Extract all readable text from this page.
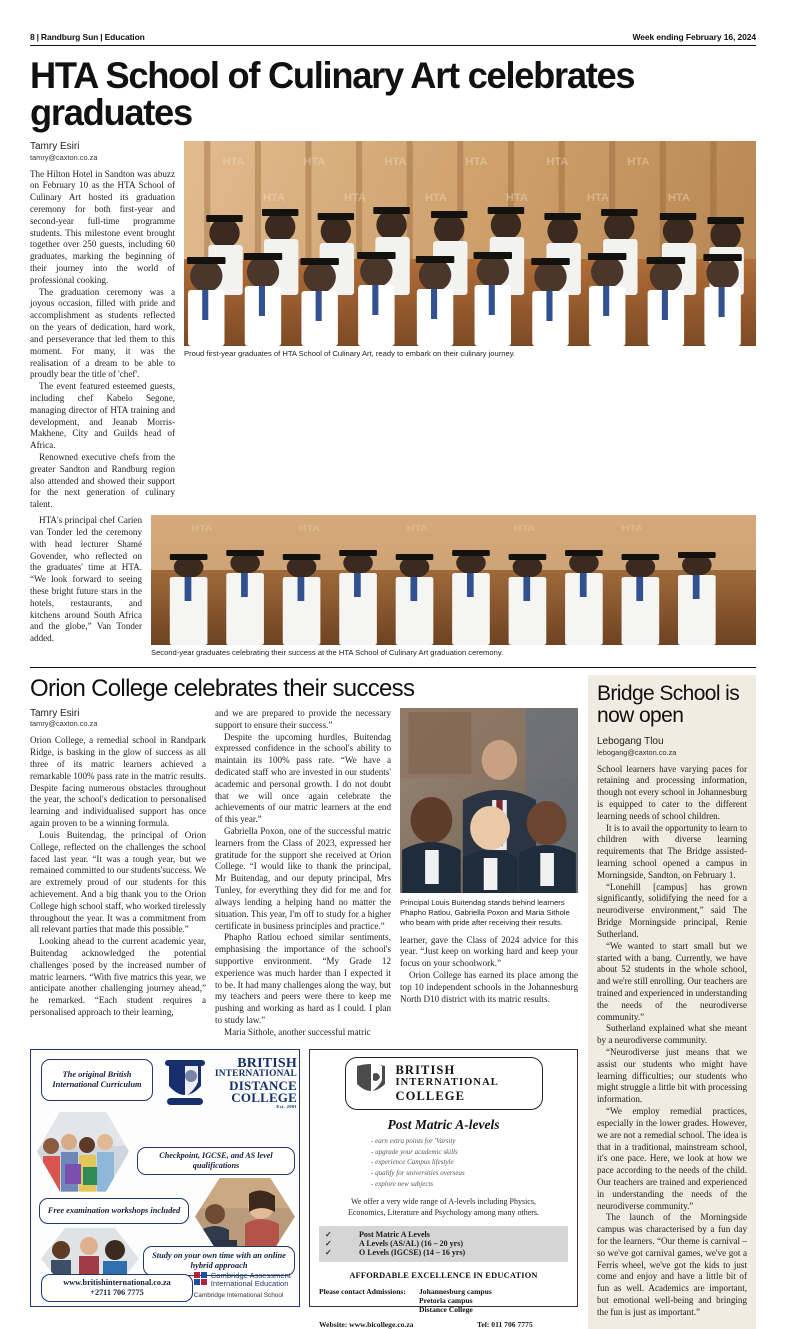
8 | Randburg Sun | Education	Week ending February 16, 2024
HTA School of Culinary Art celebrates graduates
Tamry Esiri
tamry@caxton.co.za

The Hilton Hotel in Sandton was abuzz on February 10 as the HTA School of Culinary Art hosted its graduation ceremony for both first-year and second-year full-time programme students. This milestone event brought together over 250 guests, including 60 graduates, marking the beginning of their journey into the world of professional cooking.

The graduation ceremony was a joyous occasion, filled with pride and accomplishment as students reflected on the years of dedication, hard work, and perseverance that led them to this moment. For many, it was the realisation of a dream to be able to proudly bear the title of 'chef'.

The event featured esteemed guests, including chef Kabelo Segone, managing director of HTA training and development, and Jeanab Morris-Makhene, City and Guilds head of Africa.

Renowned executive chefs from the greater Sandton and Randburg region also attended and showed their support for the next generation of culinary talent.

HTA	HTA	HTA	HTA	HTA	HTA
HTA	HTA	HTA	HTA	HTA	HTA
Proud first-year graduates of HTA School of Culinary Art, ready to embark on their culinary journey.

HTA's principal chef Carien van Tonder led the ceremony with head lecturer Shamé Govender, who reflected on the graduates' time at HTA. “We look forward to seeing these bright future stars in the hotels, restaurants, and kitchens around South Africa and the globe,” Van Tonder added.

HTA	HTA	HTA	HTA	HTA
Second-year graduates celebrating their success at the HTA School of Culinary Art graduation ceremony.
Orion College celebrates their success
Tamry Esiri
tamry@caxton.co.za

Orion College, a remedial school in Randpark Ridge, is basking in the glow of success as all three of its matric learners achieved a remarkable 100% pass rate in the matric results. Despite facing numerous obstacles throughout the year, the school's dedication to personalised learning and individualised support has once again proven to be a winning formula.

Louis Buitendag, the principal of Orion College, reflected on the challenges the school faced last year. “It was a tough year, but we remained committed to our students'success. We are extremely proud of our students for this achievement. And a big thank you to the Orion College high school staff, who worked tirelessly throughout the year. It was a commitment from all relevant parties that made this possible.”

Looking ahead to the current academic year, Buitendag acknowledged the potential challenges posed by the increased number of matric learners. “With five matrics this year, we anticipate another challenging journey ahead,” he remarked. “Each student requires a personalised approach to their learning,

and we are prepared to provide the necessary support to ensure their success.”

Despite the upcoming hurdles, Buitendag expressed confidence in the school's ability to maintain its 100% pass rate. “We have a dedicated staff who are invested in our students' academic and personal growth. I do not doubt that we will once again celebrate the achievements of our matric learners at the end of this year.”

Gabriella Poxon, one of the successful matric learners from the Class of 2023, expressed her gratitude for the support she received at Orion College. “I would like to thank the principal, Mr Buitendag, and our deputy principal, Mrs Tunley, for everything they did for me and for always lending a helping hand no matter the situation. This year, I'm off to study for a higher certificate in business principles and practice.”

Phapho Ratlou echoed similar sentiments, emphasising the importance of the school's supportive environment. “My Grade 12 experience was much harder than I expected it to be. It had many challenges along the way, but my teachers and peers were there to keep me pushing and working as hard as I could. I plan to study law.”

Maria Sithole, another successful matric

Principal Louis Buitendag stands behind learners Phapho Ratlou, Gabriella Poxon and Maria Sithole who beam with pride after receiving their results.

learner, gave the Class of 2024 advice for this year. “Just keep on working hard and keep your focus on your schoolwork.”

Orion College has earned its place among the top 10 independent schools in the Johannesburg North D10 district with its matric results.

The original British International Curriculum
BRITISH
INTERNATIONAL
DISTANCE
COLLEGE
Est. 2001
Checkpoint, IGCSE, and AS level qualifications
Free examination workshops included
Study on your own time with an online hybrid approach
www.britishinternational.co.za
+2711 706 7775
Cambridge Assessment
International Education
Cambridge International School
BRITISH
INTERNATIONAL
COLLEGE
Post Matric A-levels
- earn extra points for 'Varsity
- upgrade your academic skills
- experience Campus lifestyle
- qualify for universities overseas
- explore new subjects
We offer a very wide range of A-levels including Physics,
Economics, Literature and Psychology among many others.
✓	Post Matric A Levels
✓	A Levels (AS/AL) (16 – 20 yrs)
✓	O Levels (IGCSE) (14 – 16 yrs)
AFFORDABLE EXCELLENCE IN EDUCATION
Please contact Admissions:	Johannesburg campus
Pretoria campus
Distance College
Website: www.bicollege.co.za	Tel: 011 706 7775
Bridge School is now open
Lebogang Tlou
lebogang@caxton.co.za

School learners have varying paces for retaining and processing information, though not every school in Johannesburg is equipped to cater to the different learning needs of school children.

It is to avail the opportunity to learn to children with diverse learning requirements that The Bridge assisted-learning school opened a campus in Morningside, Sandton, on February 1.

“Lonehill [campus] has grown significantly, solidifying the need for a neurodiverse environment,” said The Bridge Morningside principal, Renie Sutherland.

“We wanted to start small but we started with a bang. Currently, we have about 52 students in the whole school, and we're still enrolling. Our teachers are trained and experienced in understanding the needs of the neurodiverse community.”

Sutherland explained what she meant by a neurodiverse community.

“Neurodiverse just means that we assist our students who might have learning difficulties; our students who might struggle a little bit with processing information.

“We employ remedial practices, especially in the lower grades. However, we are not a remedial school. The idea is that in a traditional, mainstream school, it's one pace. Here, we look at how we pace according to the needs of the child. Our teachers are trained and experienced in understanding the needs of the neurodiverse community.”

The launch of the Morningside campus was characterised by a fun day for the learners. “Our theme is carnival – so we've got carnival games, we've got a Ferris wheel, we've got the kids to just come and enjoy and have a little bit of fun as well. Academics are important, but emotional well-being and bringing the fun is just as important.”
